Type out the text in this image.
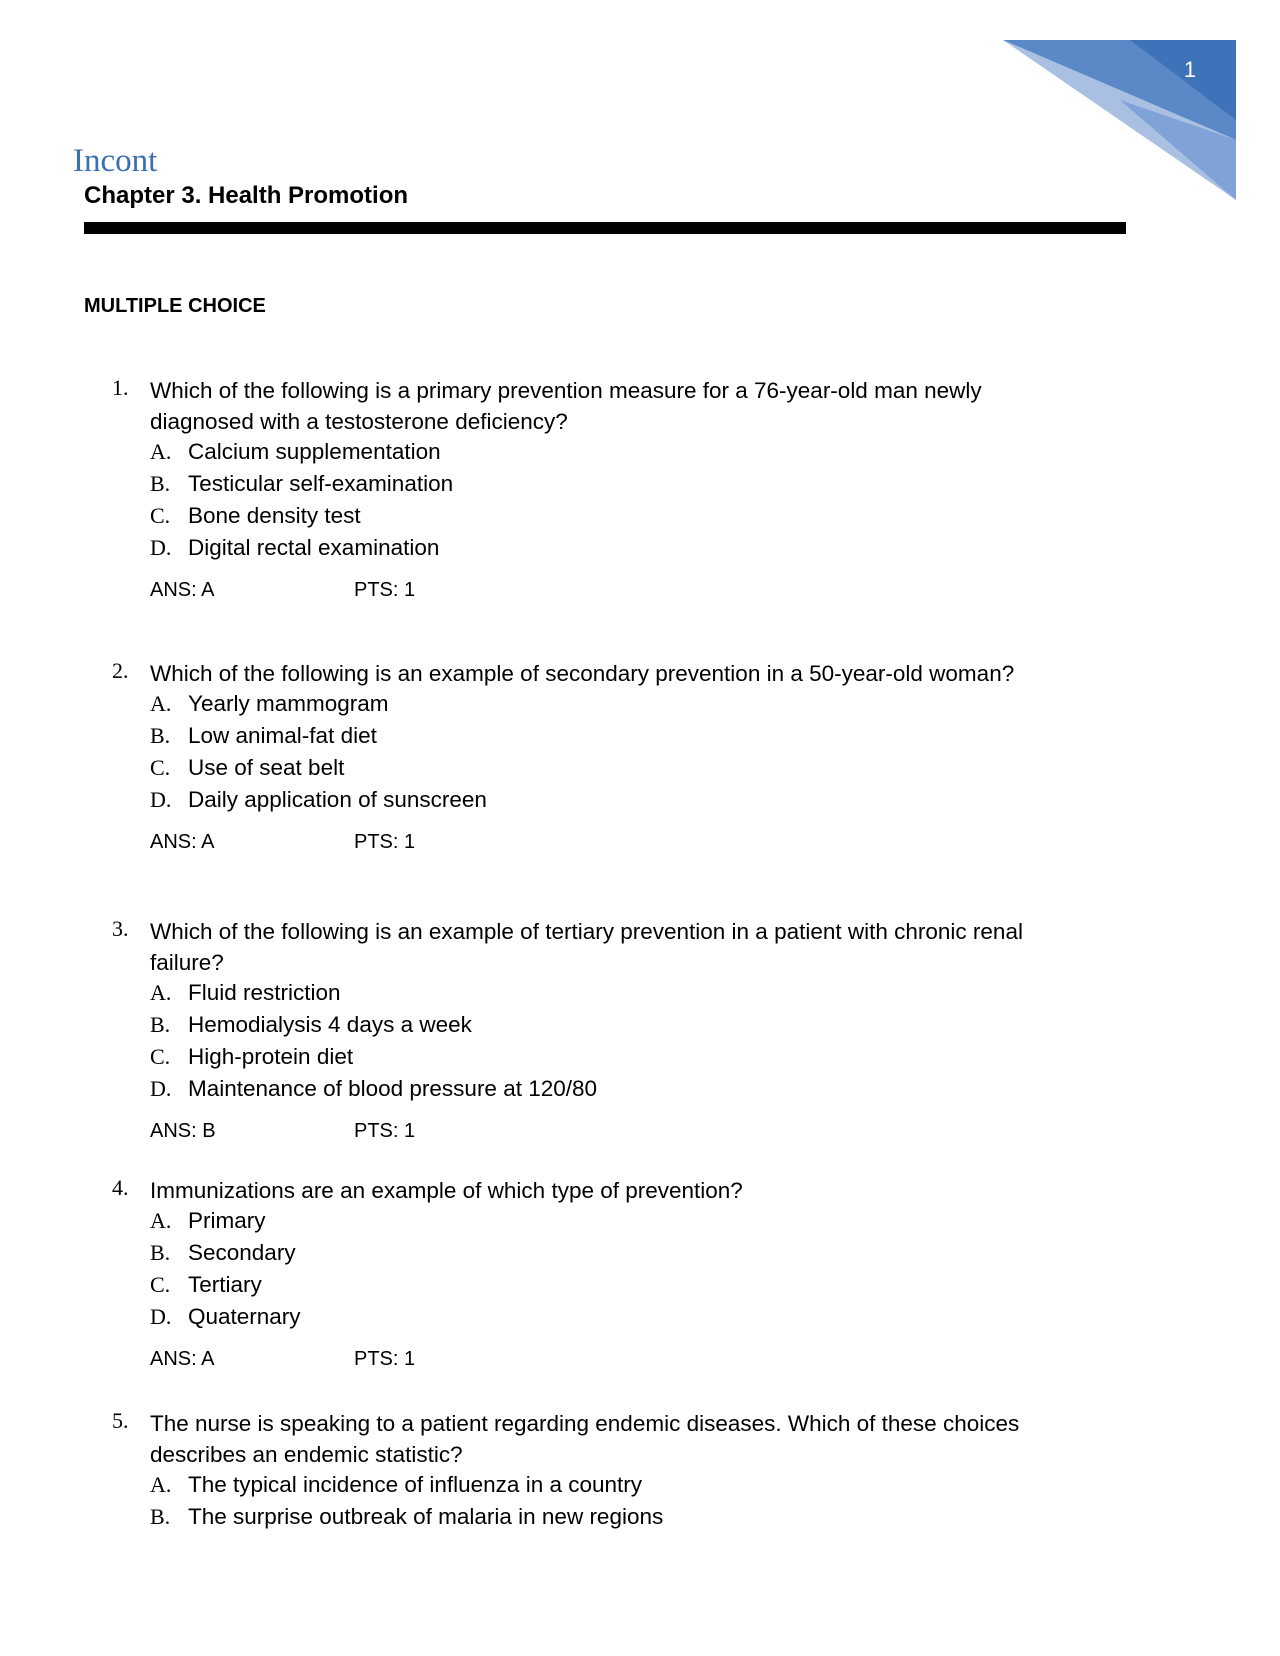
1
Incont
Chapter 3. Health Promotion
MULTIPLE CHOICE
1. Which of the following is a primary prevention measure for a 76-year-old man newly diagnosed with a testosterone deficiency?
A. Calcium supplementation
B. Testicular self-examination
C. Bone density test
D. Digital rectal examination
ANS: A	PTS: 1
2. Which of the following is an example of secondary prevention in a 50-year-old woman?
A. Yearly mammogram
B. Low animal-fat diet
C. Use of seat belt
D. Daily application of sunscreen
ANS: A	PTS: 1
3. Which of the following is an example of tertiary prevention in a patient with chronic renal failure?
A. Fluid restriction
B. Hemodialysis 4 days a week
C. High-protein diet
D. Maintenance of blood pressure at 120/80
ANS: B	PTS: 1
4. Immunizations are an example of which type of prevention?
A. Primary
B. Secondary
C. Tertiary
D. Quaternary
ANS: A	PTS: 1
5. The nurse is speaking to a patient regarding endemic diseases. Which of these choices describes an endemic statistic?
A. The typical incidence of influenza in a country
B. The surprise outbreak of malaria in new regions
